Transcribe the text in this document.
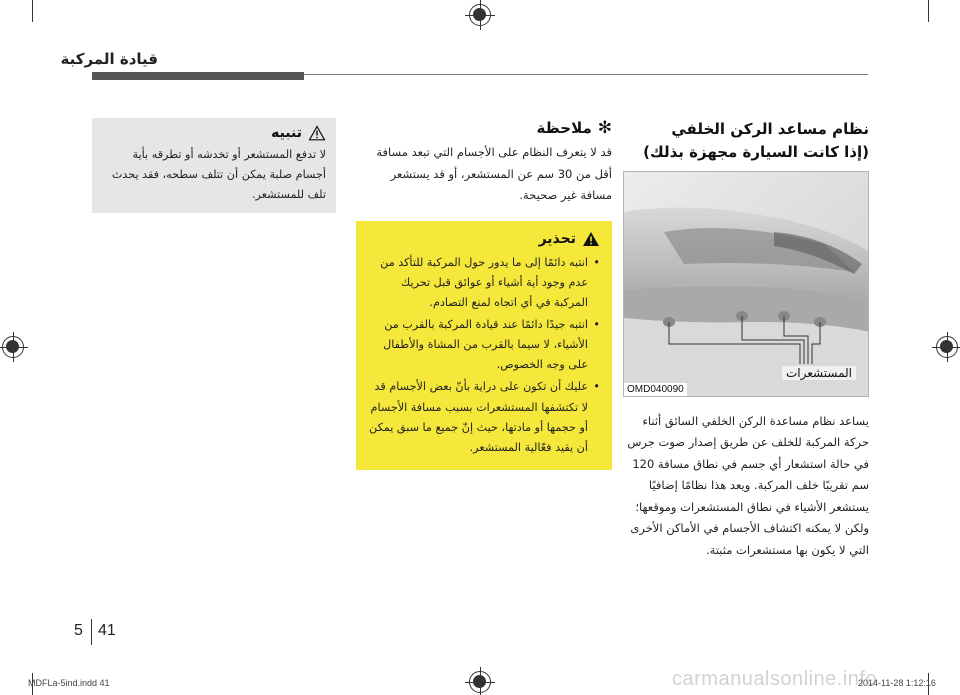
قيادة المركبة
نظام مساعد الركن الخلفي
(إذا كانت السيارة مجهزة بذلك)
المستشعرات
OMD040090

يساعد نظام مساعدة الركن الخلفي السائق أثناء حركة المركبة للخلف عن طريق إصدار صوت جرس في حالة استشعار أي جسم في نطاق مسافة 120 سم تقريبًا خلف المركبة. ويعد هذا نظامًا إضافيًا يستشعر الأشياء في نطاق المستشعرات وموقعها؛ ولكن لا يمكنه اكتشاف الأجسام في الأماكن الأخرى التي لا يكون بها مستشعرات مثبتة.

✻
ملاحظة

قد لا يتعرف النظام على الأجسام التي تبعد مسافة أقل من 30 سم عن المستشعر، أو قد يستشعر مسافة غير صحيحة.

تحذير
• انتبه دائمًا إلى ما يدور حول المركبة للتأكد من عدم وجود أية أشياء أو عوائق قبل تحريك المركبة في أي اتجاه لمنع التصادم.
• انتبه جيدًا دائمًا عند قيادة المركبة بالقرب من الأشياء، لا سيما بالقرب من المشاة والأطفال على وجه الخصوص.
• عليك أن تكون على دراية بأنّ بعض الأجسام قد لا تكتشفها المستشعرات بسبب مسافة الأجسام أو حجمها أو مادتها، حيث إنّ جميع ما سبق يمكن أن يقيد فعّالية المستشعر.
تنبيه

لا تدفع المستشعر أو تخدشه أو تطرقه بأية أجسام صلبة يمكن أن تتلف سطحه، فقد يحدث تلف للمستشعر.

5 41
MDFLa-5ind.indd 41	carmanualsonline.info
2014-11-28 1:12:16
